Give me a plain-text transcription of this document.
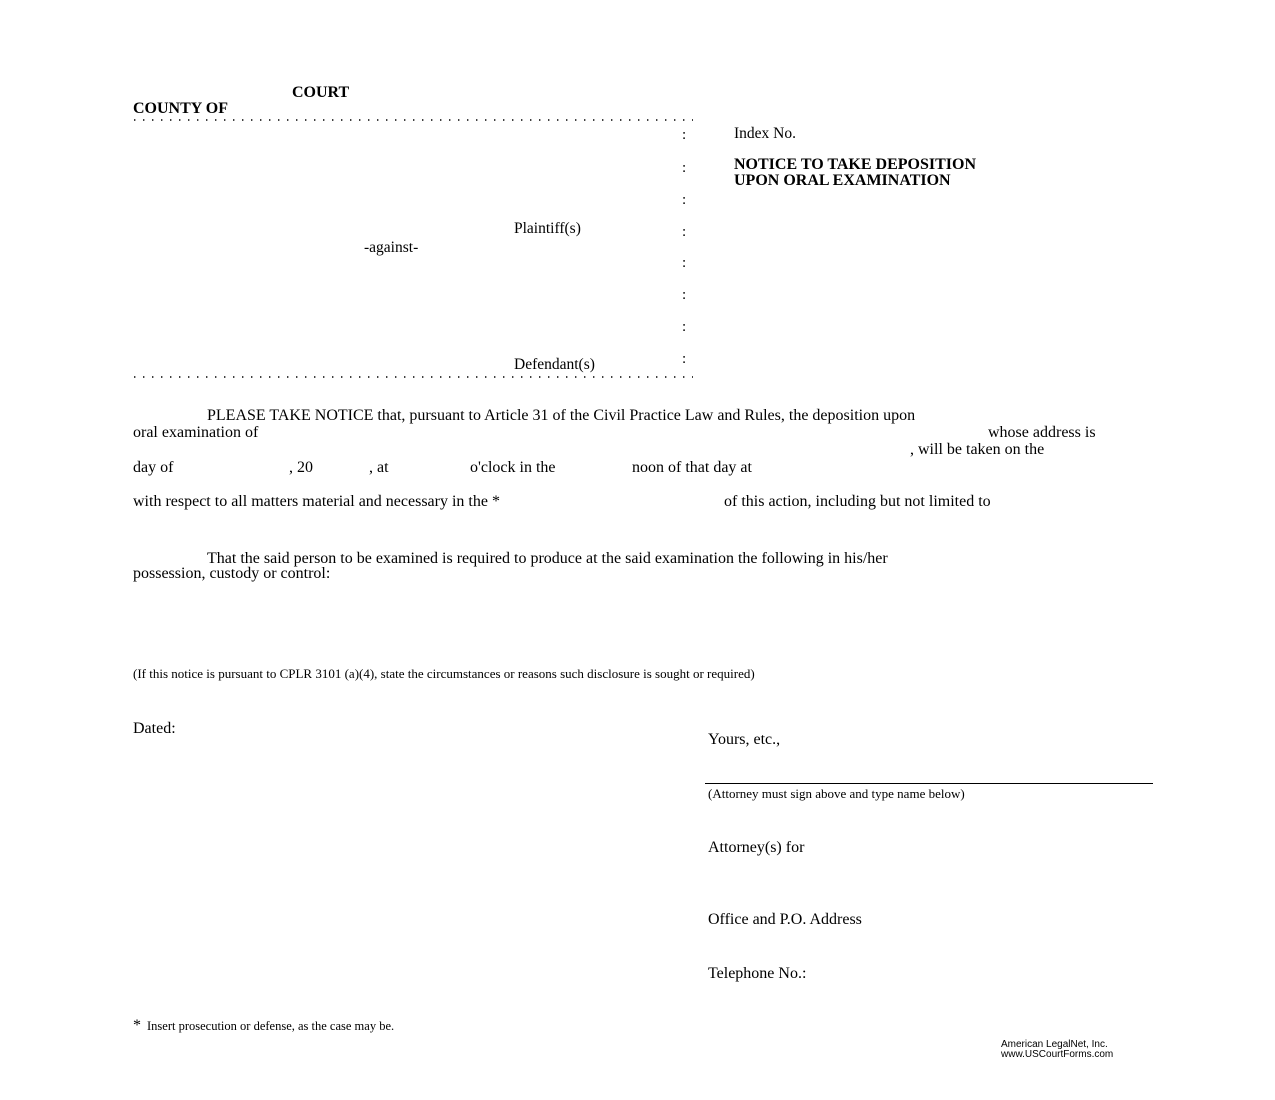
COURT
COUNTY OF
:
:
:
:
:
:
:
:
Plaintiff(s)
-against-
Defendant(s)
Index No.
NOTICE TO TAKE DEPOSITION
UPON ORAL EXAMINATION
PLEASE TAKE NOTICE that, pursuant to Article 31 of the Civil Practice Law and Rules, the deposition upon
oral examination of	whose address is
, will be taken on the
day of	, 20	, at	o'clock in the	noon of that day at
with respect to all matters material and necessary in the *	of this action, including but not limited to
That the said person to be examined is required to produce at the said examination the following in his/her
possession, custody or control:
(If this notice is pursuant to CPLR 3101 (a)(4), state the circumstances or reasons such disclosure is sought or required)
Dated:
Yours, etc.,
(Attorney must sign above and type name below)
Attorney(s) for
Office and P.O. Address
Telephone No.:
* Insert prosecution or defense, as the case may be.
American LegalNet, Inc.
www.USCourtForms.com
